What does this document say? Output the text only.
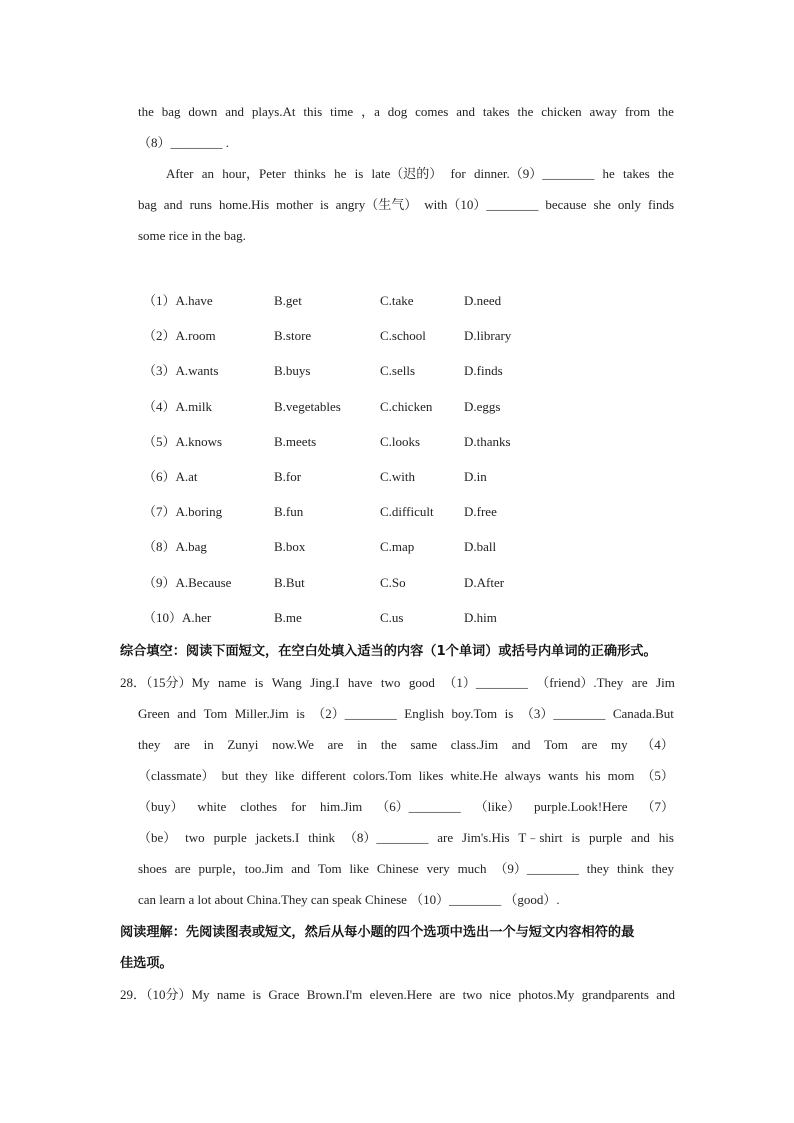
the bag down and plays.At this time ，a dog comes and takes the chicken away from the
（8）________ .
After an hour，Peter thinks he is late（迟的） for dinner.（9）________ he takes the
bag and runs home.His mother is angry（生气） with（10）________ because she only finds
some rice in the bag.
（1）A.have	B.get	C.take	D.need
（2）A.room	B.store	C.school	D.library
（3）A.wants	B.buys	C.sells	D.finds
（4）A.milk	B.vegetables	C.chicken D.eggs
（5）A.knows	B.meets	C.looks	D.thanks
（6）A.at	B.for	C.with	D.in
（7）A.boring	B.fun	C.difficult D.free
（8）A.bag	B.box	C.map	D.ball
（9）A.Because	B.But	C.So	D.After
（10）A.her	B.me	C.us	D.him

综合填空：阅读下面短文，在空白处填入适当的内容（1个单词）或括号内单词的正确形式。

28．（15分）My name is Wang Jing.I have two good （1）________ （friend）.They are Jim
Green and Tom Miller.Jim is （2）________ English boy.Tom is （3）________ Canada.But
they are in Zunyi now.We are in the same class.Jim and Tom are my （4）
（classmate） but they like different colors.Tom likes white.He always wants his mom （5）
（buy） white clothes for him.Jim （6）________ （like） purple.Look!Here （7）
（be） two purple jackets.I think （8）________ are Jim's.His T﹣shirt is purple and his
shoes are purple，too.Jim and Tom like Chinese very much （9）________ they think they
can learn a lot about China.They can speak Chinese （10）________ （good）.

阅读理解：先阅读图表或短文，然后从每小题的四个选项中选出一个与短文内容相符的最

佳选项。

29．（10分）My name is Grace Brown.I'm eleven.Here are two nice photos.My grandparents and
